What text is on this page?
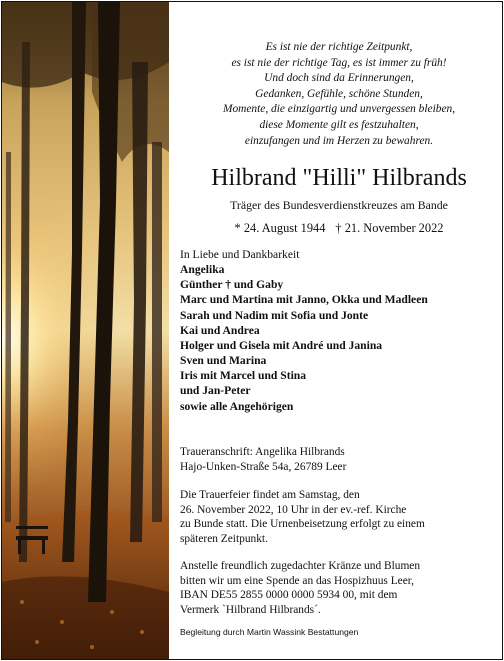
Es ist nie der richtige Zeitpunkt,
es ist nie der richtige Tag, es ist immer zu früh!
Und doch sind da Erinnerungen,
Gedanken, Gefühle, schöne Stunden,
Momente, die einzigartig und unvergessen bleiben,
diese Momente gilt es festzuhalten,
einzufangen und im Herzen zu bewahren.
Hilbrand "Hilli" Hilbrands
Träger des Bundesverdienstkreuzes am Bande
* 24. August 1944 † 21. November 2022
In Liebe und Dankbarkeit
Angelika
Günther † und Gaby
Marc und Martina mit Janno, Okka und Madleen
Sarah und Nadim mit Sofia und Jonte
Kai und Andrea
Holger und Gisela mit André und Janina
Sven und Marina
Iris mit Marcel und Stina
und Jan-Peter
sowie alle Angehörigen
Traueranschrift: Angelika Hilbrands
Hajo-Unken-Straße 54a, 26789 Leer
Die Trauerfeier findet am Samstag, den
26. November 2022, 10 Uhr in der ev.-ref. Kirche
zu Bunde statt. Die Urnenbeisetzung erfolgt zu einem
späteren Zeitpunkt.
Anstelle freundlich zugedachter Kränze und Blumen
bitten wir um eine Spende an das Hospizhuus Leer,
IBAN DE55 2855 0000 0000 5934 00, mit dem
Vermerk `Hilbrand Hilbrands´.
Begleitung durch Martin Wassink Bestattungen
